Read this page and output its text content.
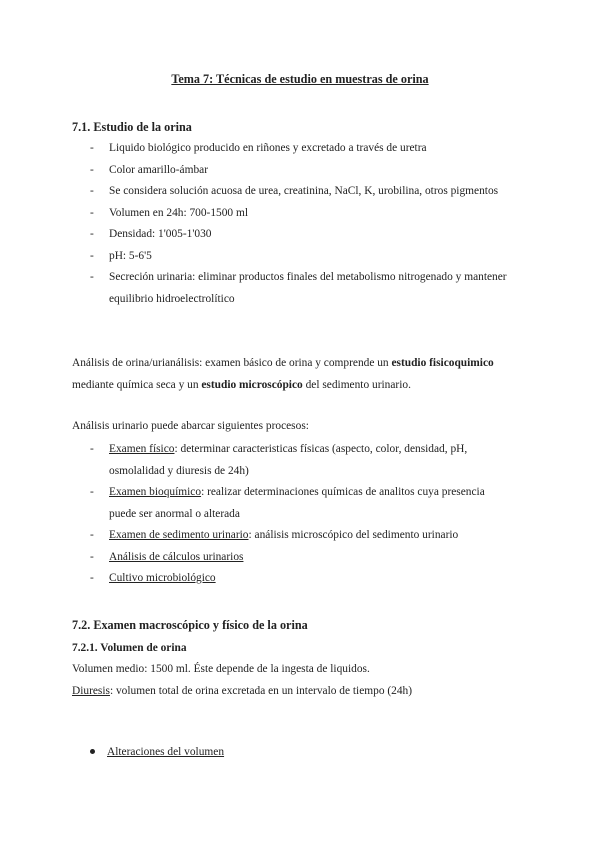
Tema 7: Técnicas de estudio en muestras de orina
7.1. Estudio de la orina
- Liquido biológico producido en riñones y excretado a través de uretra
- Color amarillo-ámbar
- Se considera solución acuosa de urea, creatinina, NaCl, K, urobilina, otros pigmentos
- Volumen en 24h: 700-1500 ml
- Densidad: 1'005-1'030
- pH: 5-6'5
- Secreción urinaria: eliminar productos finales del metabolismo nitrogenado y mantener equilibrio hidroelectrolítico
Análisis de orina/urianálisis: examen básico de orina y comprende un estudio fisicoquimico mediante química seca y un estudio microscópico del sedimento urinario.
Análisis urinario puede abarcar siguientes procesos:
- Examen físico: determinar caracteristicas físicas (aspecto, color, densidad, pH, osmolalidad y diuresis de 24h)
- Examen bioquímico: realizar determinaciones químicas de analitos cuya presencia puede ser anormal o alterada
- Examen de sedimento urinario: análisis microscópico del sedimento urinario
- Análisis de cálculos urinarios
- Cultivo microbiológico
7.2. Examen macroscópico y físico de la orina
7.2.1. Volumen de orina
Volumen medio: 1500 ml. Éste depende de la ingesta de liquidos.
Diuresis: volumen total de orina excretada en un intervalo de tiempo (24h)
Alteraciones del volumen
